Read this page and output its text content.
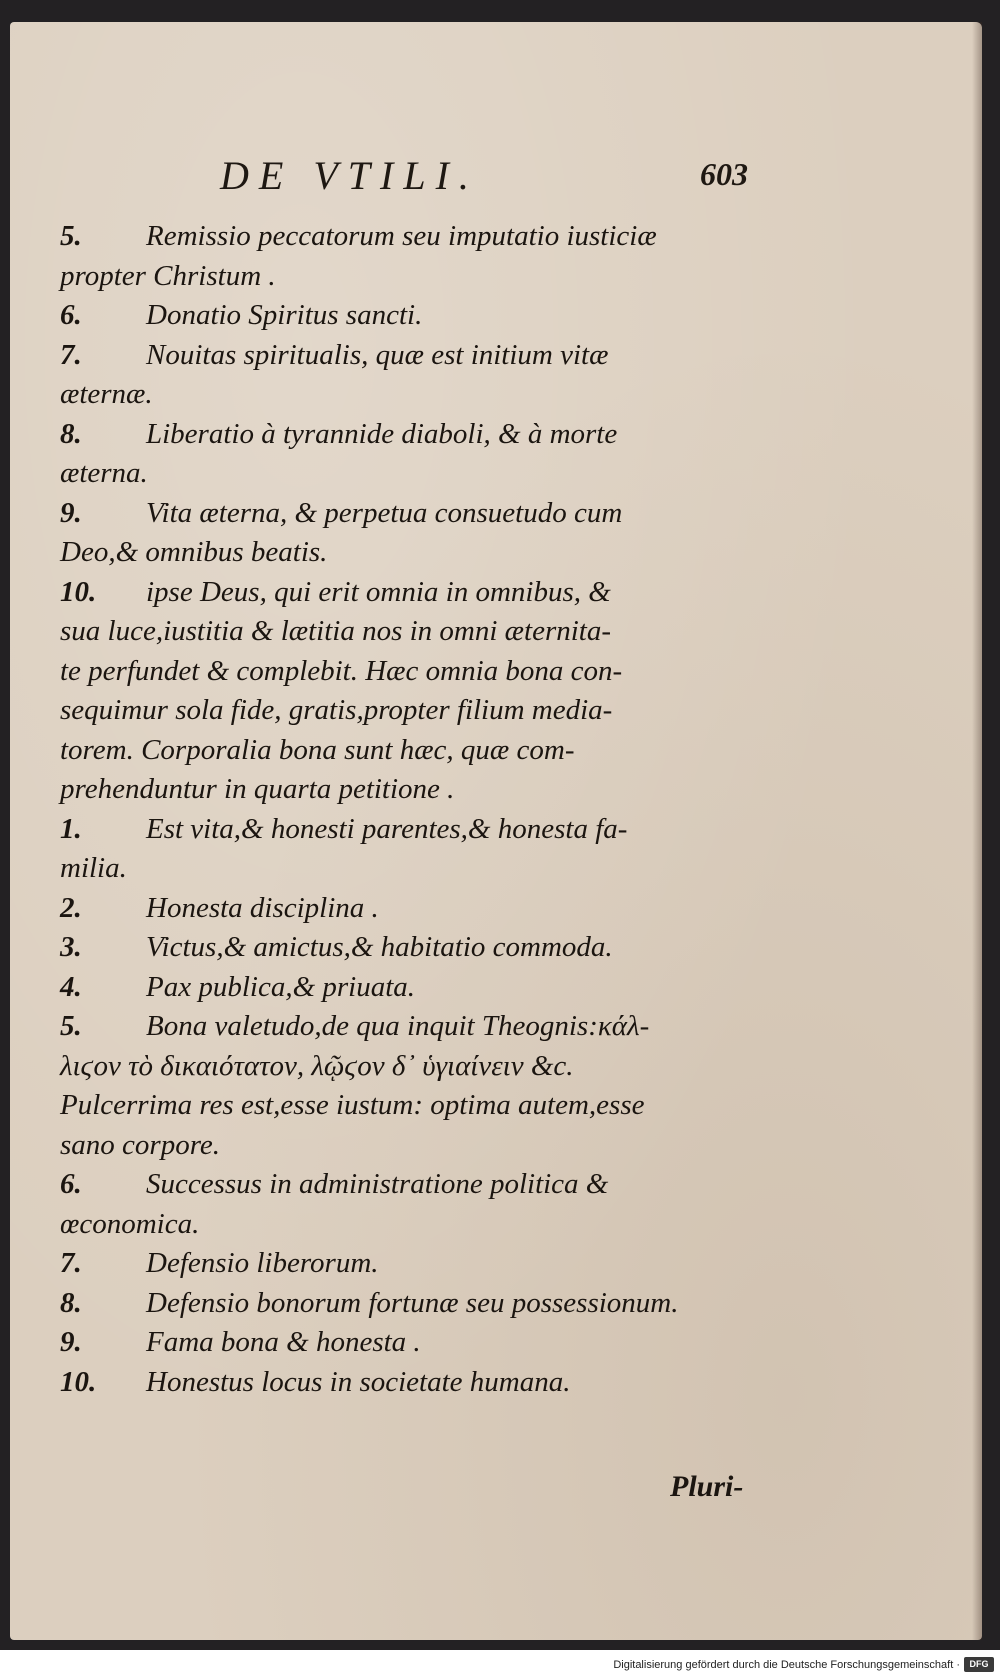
DE VTILI.	603
5. Remissio peccatorum seu imputatio iusticiæ
propter Christum .
6. Donatio Spiritus sancti.
7. Nouitas spiritualis, quæ est initium vitæ
æternæ.
8. Liberatio à tyrannide diaboli, & à morte
æterna.
9. Vita æterna, & perpetua consuetudo cum
Deo,& omnibus beatis.
10. ipse Deus, qui erit omnia in omnibus, &
sua luce,iustitia & lætitia nos in omni æternita-
te perfundet & complebit. Hæc omnia bona con-
sequimur sola fide, gratis,propter filium media-
torem. Corporalia bona sunt hæc, quæ com-
prehenduntur in quarta petitione .
1. Est vita,& honesti parentes,& honesta fa-
milia.
2. Honesta disciplina .
3. Victus,& amictus,& habitatio commoda.
4. Pax publica,& priuata.
5. Bona valetudo,de qua inquit Theognis:κάλ-
λιϛον τὸ δικαιότατον, λῷϛον δ᾽ ὑγιαίνειν &c.
Pulcerrima res est,esse iustum: optima autem,esse
sano corpore.
6. Successus in administratione politica &
œconomica.
7. Defensio liberorum.
8. Defensio bonorum fortunæ seu possessionum.
9. Fama bona & honesta .
10. Honestus locus in societate humana.
Pluri-
Digitalisierung gefördert durch die Deutsche Forschungsgemeinschaft ·	DFG
